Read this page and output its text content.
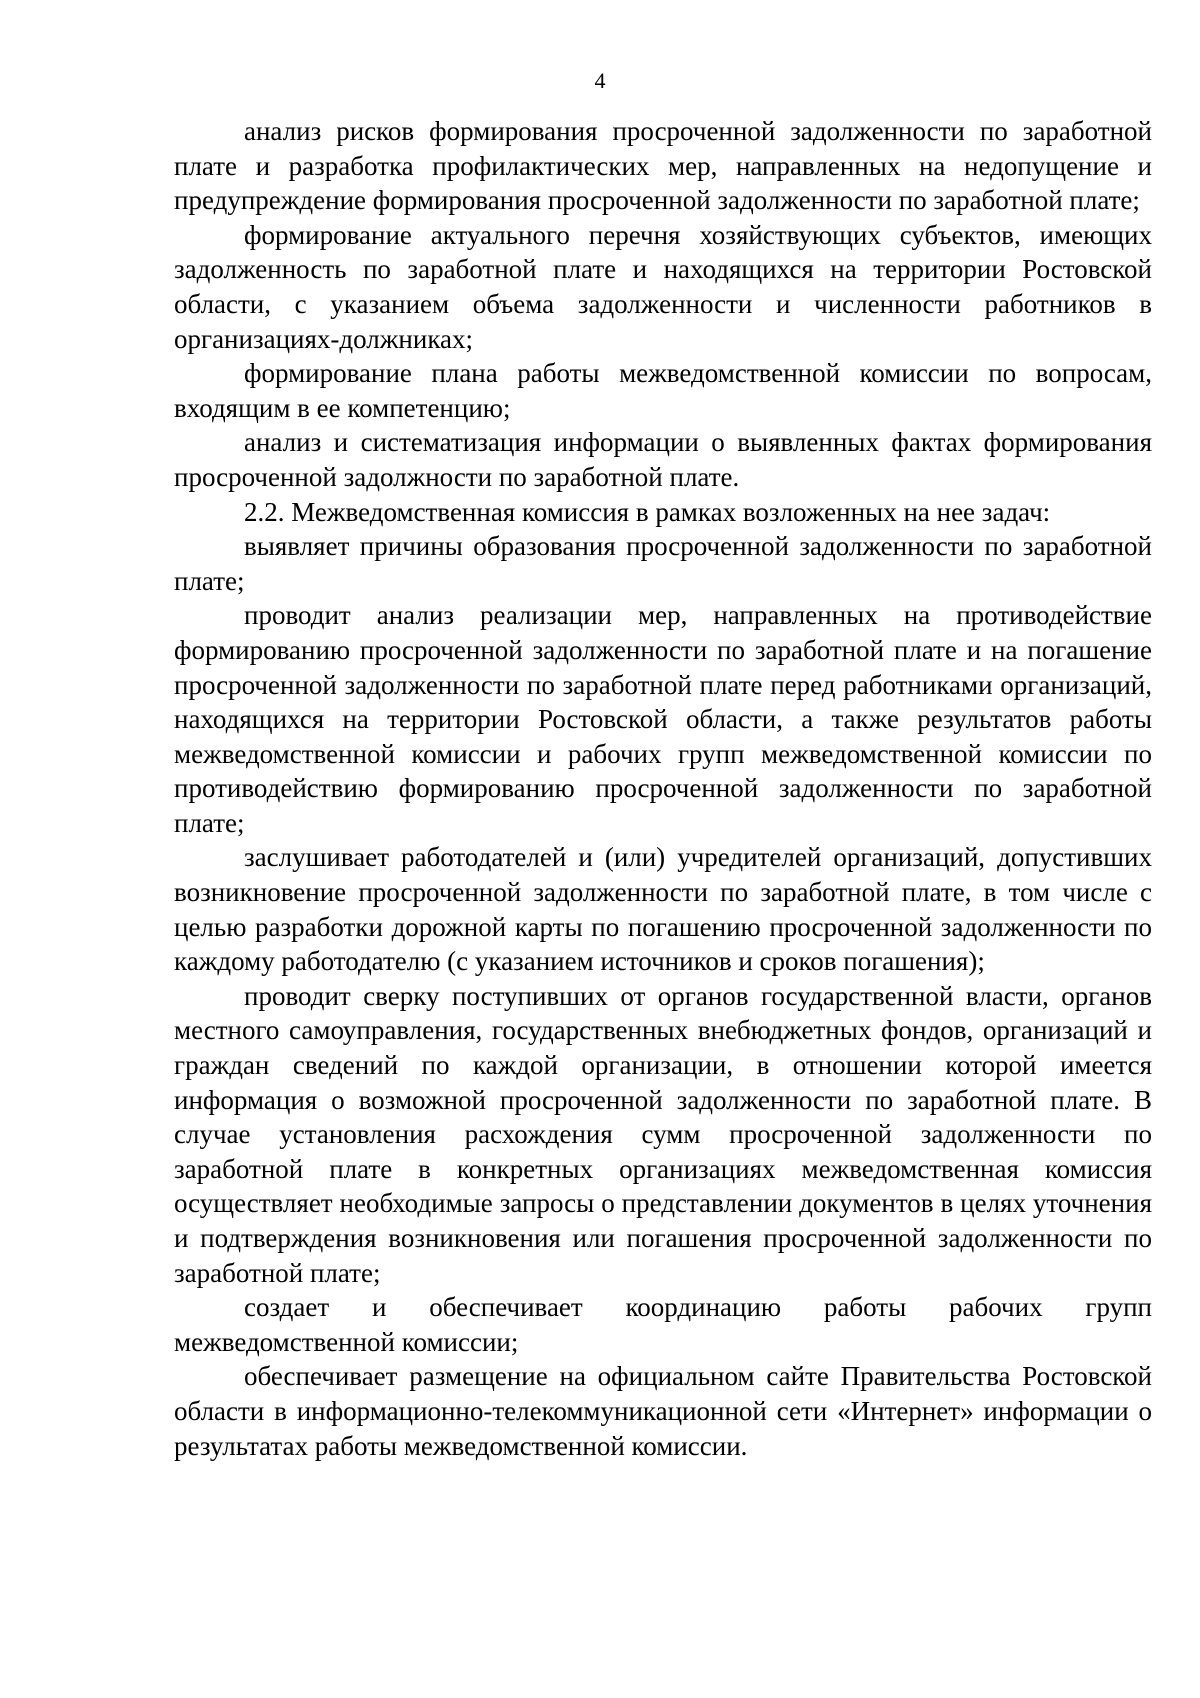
4

анализ рисков формирования просроченной задолженности по заработной плате и разработка профилактических мер, направленных на недопущение и предупреждение формирования просроченной задолженности по заработной плате;

формирование актуального перечня хозяйствующих субъектов, имеющих задолженность по заработной плате и находящихся на территории Ростовской области, с указанием объема задолженности и численности работников в организациях-должниках;

формирование плана работы межведомственной комиссии по вопросам, входящим в ее компетенцию;

анализ и систематизация информации о выявленных фактах формирования просроченной задолжности по заработной плате.

2.2. Межведомственная комиссия в рамках возложенных на нее задач:

выявляет причины образования просроченной задолженности по заработной плате;

проводит анализ реализации мер, направленных на противодействие формированию просроченной задолженности по заработной плате и на погашение просроченной задолженности по заработной плате перед работниками организаций, находящихся на территории Ростовской области, а также результатов работы межведомственной комиссии и рабочих групп межведомственной комиссии по противодействию формированию просроченной задолженности по заработной плате;

заслушивает работодателей и (или) учредителей организаций, допустивших возникновение просроченной задолженности по заработной плате, в том числе с целью разработки дорожной карты по погашению просроченной задолженности по каждому работодателю (с указанием источников и сроков погашения);

проводит сверку поступивших от органов государственной власти, органов местного самоуправления, государственных внебюджетных фондов, организаций и граждан сведений по каждой организации, в отношении которой имеется информация о возможной просроченной задолженности по заработной плате. В случае установления расхождения сумм просроченной задолженности по заработной плате в конкретных организациях межведомственная комиссия осуществляет необходимые запросы о представлении документов в целях уточнения и подтверждения возникновения или погашения просроченной задолженности по заработной плате;

создает и обеспечивает координацию работы рабочих групп межведомственной комиссии;

обеспечивает размещение на официальном сайте Правительства Ростовской области в информационно-телекоммуникационной сети «Интернет» информации о результатах работы межведомственной комиссии.
